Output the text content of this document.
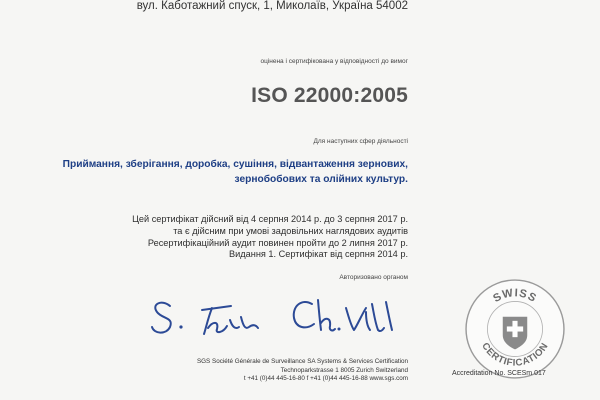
вул. Каботажний спуск, 1, Миколаїв, Україна 54002
оцінена і сертифікована у відповідності до вимог
ISO 22000:2005
Для наступних сфер діяльності
Приймання, зберігання, доробка, сушіння, відвантаження зернових,
зернобобових та олійних культур.
Цей сертифікат дійсний від 4 серпня 2014 р. до 3 серпня 2017 р.
та є дійсним при умові задовільних наглядових аудитів
Ресертифікаційний аудит повинен пройти до 2 липня 2017 р.
Видання 1. Сертифікат від серпня 2014 р.
Авторизовано органом
SGS Société Générale de Surveillance SA Systems & Services Certification
Technoparkstrasse 1 8005 Zurich Switzerland
t +41 (0)44 445-16-80 f +41 (0)44 445-16-88 www.sgs.com
SWISS
CERTIFICATION
Accreditation No. SCESm 017
